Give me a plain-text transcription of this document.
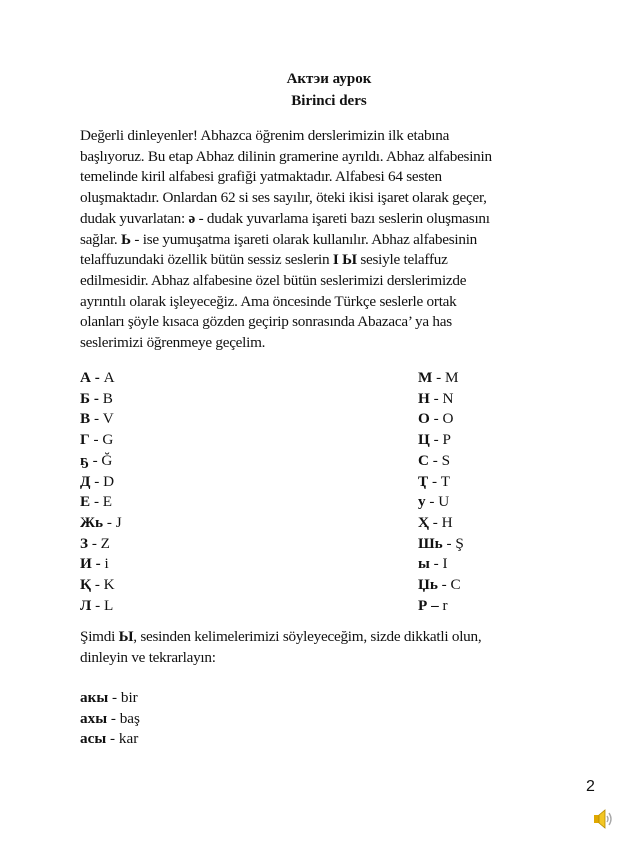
Актэи аурок
Birinci ders
Değerli dinleyenler! Abhazca öğrenim derslerimizin ilk etabına
başlıyoruz. Bu etap Abhaz dilinin gramerine ayrıldı. Abhaz alfabesinin
temelinde kiril alfabesi grafiği yatmaktadır. Alfabesi 64 sesten
oluşmaktadır. Onlardan 62 si ses sayılır, öteki ikisi işaret olarak geçer,
dudak yuvarlatan: ə - dudak yuvarlama işareti bazı seslerin oluşmasını
sağlar. Ь - ise yumuşatma işareti olarak kullanılır. Abhaz alfabesinin
telaffuzundaki özellik bütün sessiz seslerin I Ы sesiyle telaffuz
edilmesidir. Abhaz alfabesine özel bütün seslerimizi derslerimizde
ayrıntılı olarak işleyeceğiz. Ama öncesinde Türkçe seslerle ortak
olanları şöyle kısaca gözden geçirip sonrasında Abazaca’ ya has
seslerimizi öğrenmeye geçelim.
А - A
Б - B
В - V
Г - G
ҕ - Ğ
Д - D
Е - E
Жь - J
З - Z
И - i
Қ - K
Л - L
М - M
Н - N
О - O
Ц - P
С - S
Ҭ - T
у - U
Ҳ - H
Шь - Ş
ы - I
Џь - C
Р – r
Şimdi Ы, sesinden kelimelerimizi söyleyeceğim, sizde dikkatli olun,
dinleyin ve tekrarlayın:
акы - bir
ахы - baş
асы - kar
2
